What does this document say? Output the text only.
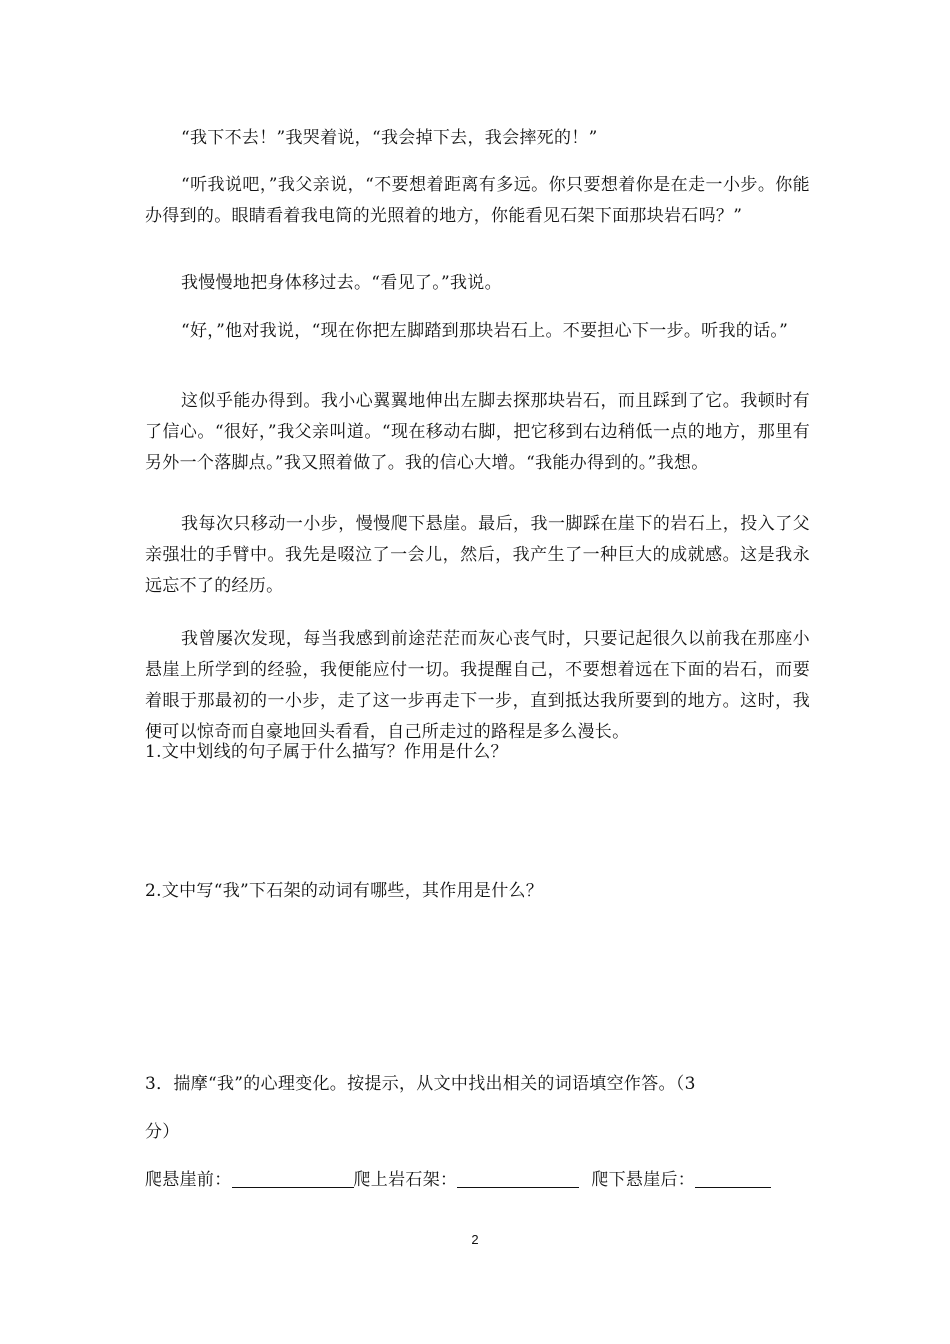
“我下不去！”我哭着说，“我会掉下去，我会摔死的！”

“听我说吧，”我父亲说，“不要想着距离有多远。你只要想着你是在走一小步。你能办得到的。眼睛看着我电筒的光照着的地方，你能看见石架下面那块岩石吗？”

我慢慢地把身体移过去。“看见了。”我说。

“好，”他对我说，“现在你把左脚踏到那块岩石上。不要担心下一步。听我的话。”

这似乎能办得到。我小心翼翼地伸出左脚去探那块岩石，而且踩到了它。我顿时有了信心。“很好，”我父亲叫道。“现在移动右脚，把它移到右边稍低一点的地方，那里有另外一个落脚点。”我又照着做了。我的信心大增。“我能办得到的。”我想。

我每次只移动一小步，慢慢爬下悬崖。最后，我一脚踩在崖下的岩石上，投入了父亲强壮的手臂中。我先是啜泣了一会儿，然后，我产生了一种巨大的成就感。这是我永远忘不了的经历。

我曾屡次发现，每当我感到前途茫茫而灰心丧气时，只要记起很久以前我在那座小悬崖上所学到的经验，我便能应付一切。我提醒自己，不要想着远在下面的岩石，而要着眼于那最初的一小步，走了这一步再走下一步，直到抵达我所要到的地方。这时，我便可以惊奇而自豪地回头看看，自己所走过的路程是多么漫长。

1.文中划线的句子属于什么描写？作用是什么？

2.文中写“我”下石架的动词有哪些，其作用是什么？

3．揣摩“我”的心理变化。按提示，从文中找出相关的词语填空作答。（3

分）

爬悬崖前：	爬上岩石架：	爬下悬崖后：

2
